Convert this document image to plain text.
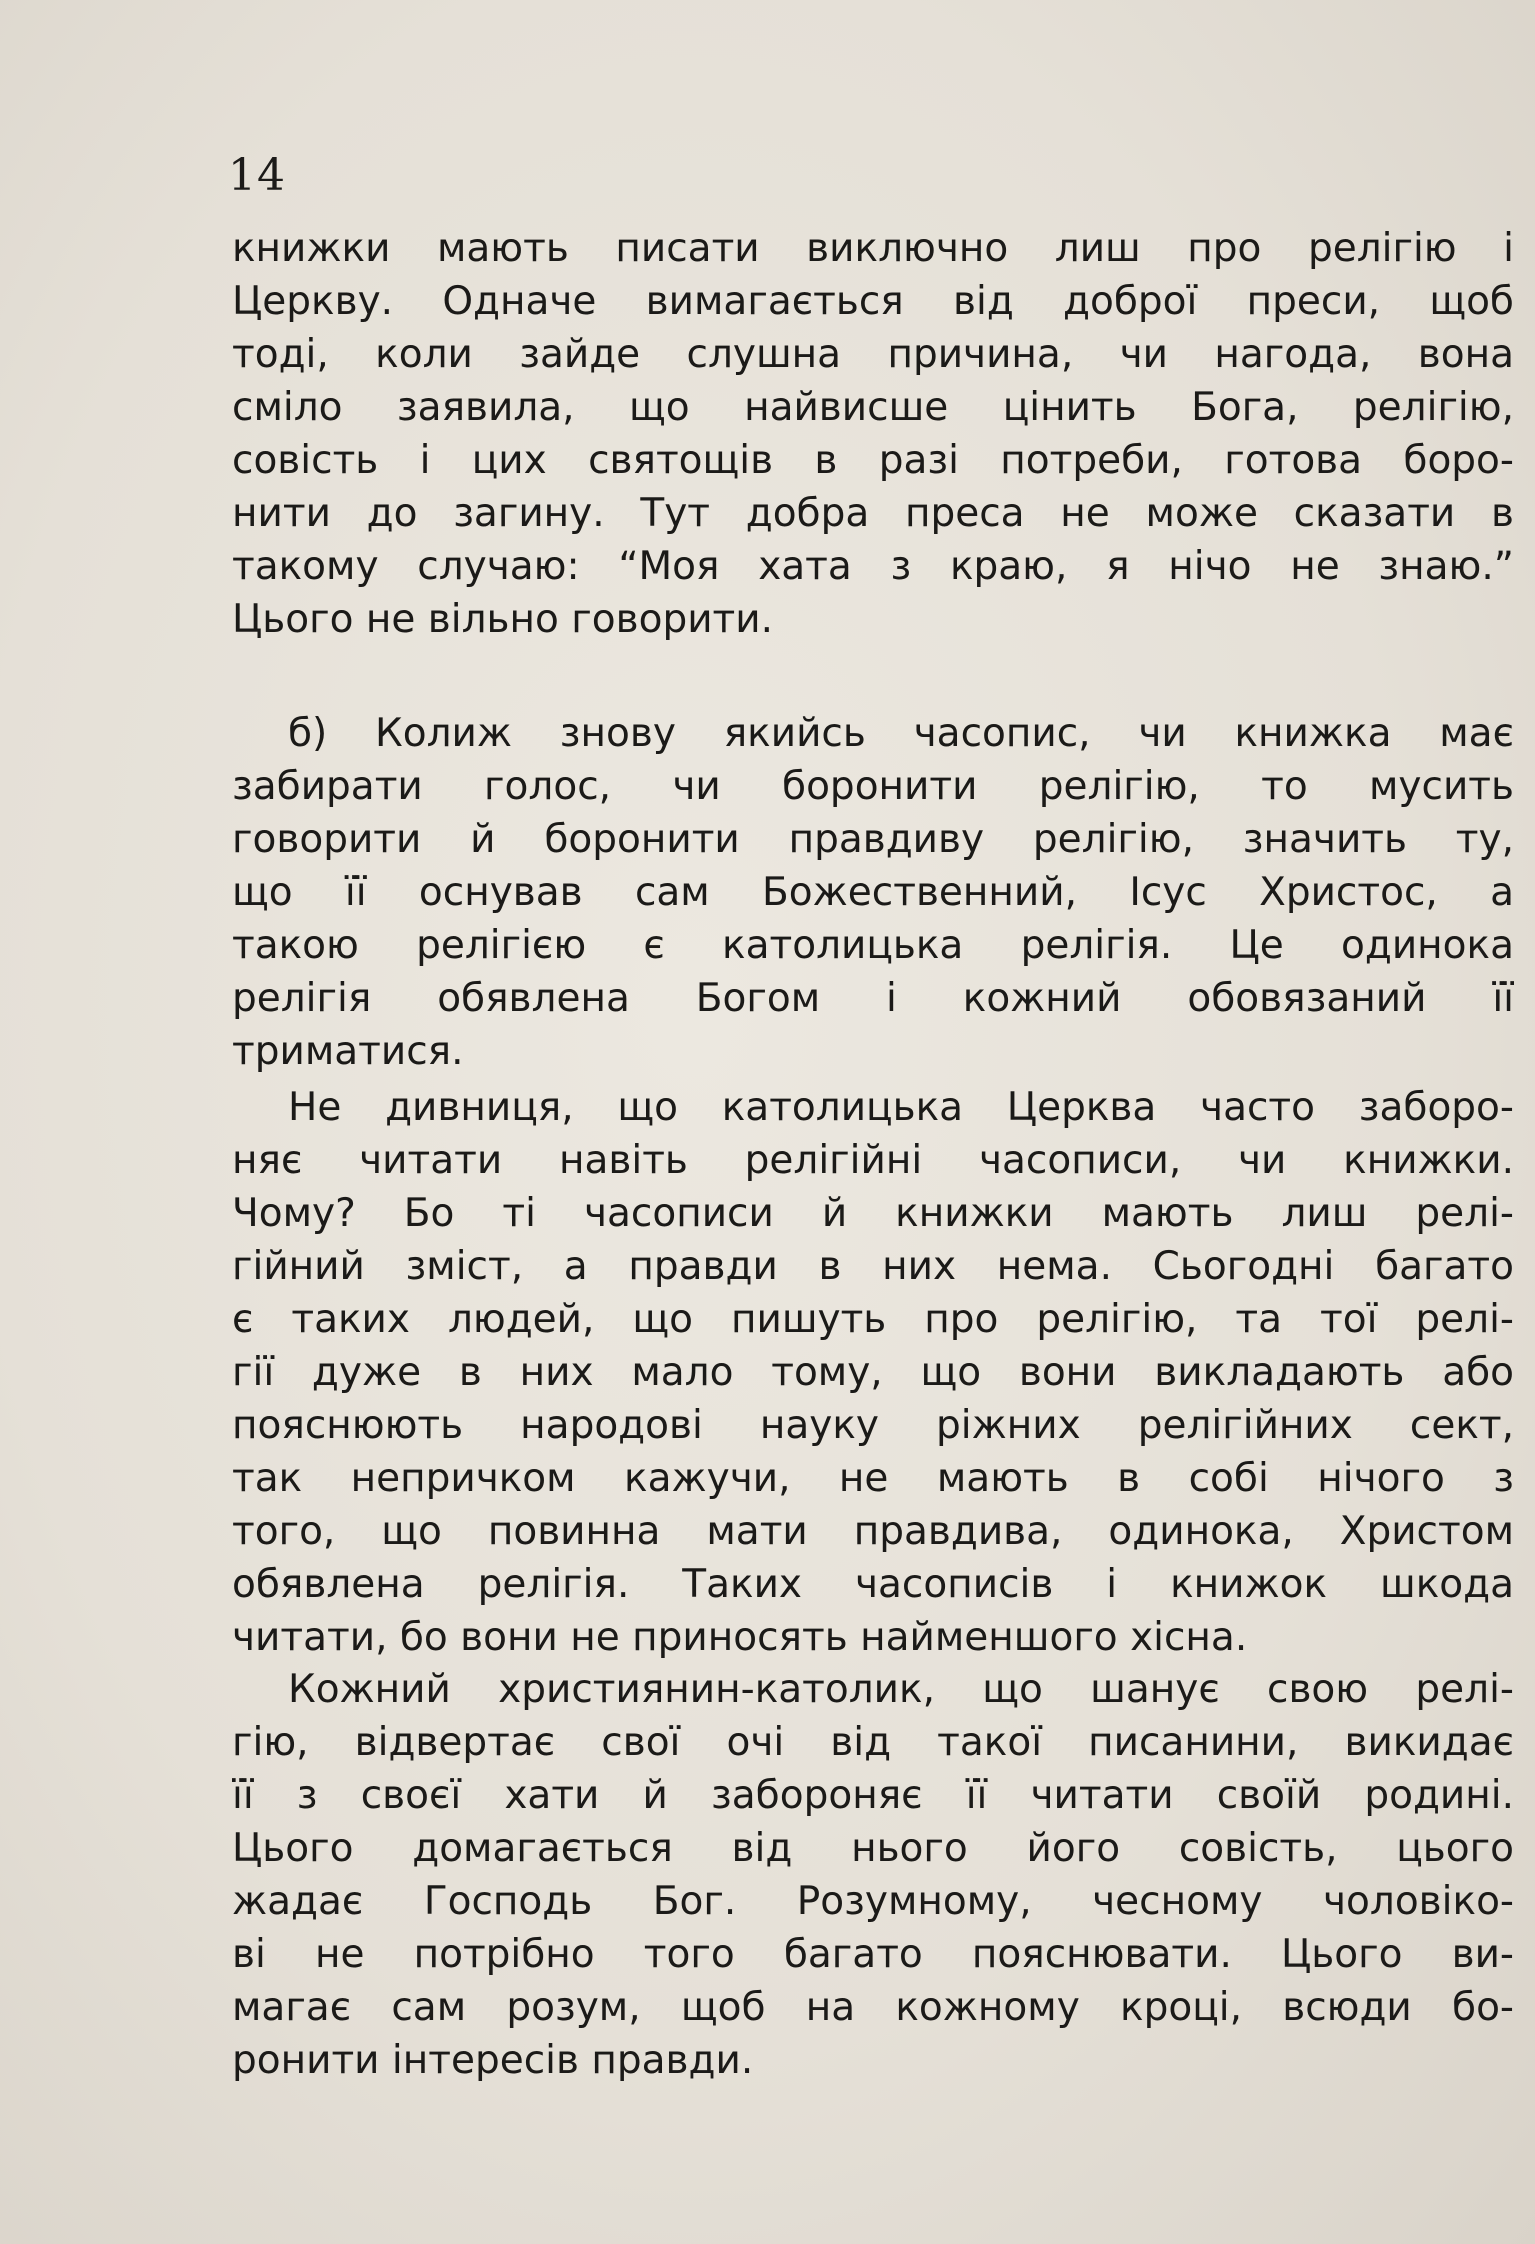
14
книжки мають писати виключно лиш про релігію і
Церкву. Одначе вимагається від доброї преси, щоб
тоді, коли зайде слушна причина, чи нагода, вона
сміло заявила, що найвисше цінить Бога, релігію,
совість і цих святощів в разі потреби, готова боро-
нити до загину. Тут добра преса не може сказати в
такому случаю: “Моя хата з краю, я нічо не знаю.”
Цього не вільно говорити.
б) Колиж знову якийсь часопис, чи книжка має
забирати голос, чи боронити релігію, то мусить
говорити й боронити правдиву релігію, значить ту,
що її оснував сам Божественний, Ісус Христос, а
такою релігією є католицька релігія. Це одинока
релігія обявлена Богом і кожний обовязаний її
триматися.
Не дивниця, що католицька Церква часто заборо-
няє читати навіть релігійні часописи, чи книжки.
Чому? Бо ті часописи й книжки мають лиш релі-
гійний зміст, а правди в них нема. Сьогодні багато
є таких людей, що пишуть про релігію, та тої релі-
гії дуже в них мало тому, що вони викладають або
пояснюють народові науку ріжних релігійних сект,
так непричком кажучи, не мають в собі нічого з
того, що повинна мати правдива, одинока, Христом
обявлена релігія. Таких часописів і книжок шкода
читати, бо вони не приносять найменшого хісна.
Кожний християнин-католик, що шанує свою релі-
гію, відвертає свої очі від такої писанини, викидає
її з своєї хати й забороняє її читати своїй родині.
Цього домагається від нього його совість, цього
жадає Господь Бог. Розумному, чесному чоловіко-
ві не потрібно того багато пояснювати. Цього ви-
магає сам розум, щоб на кожному кроці, всюди бо-
ронити інтересів правди.
